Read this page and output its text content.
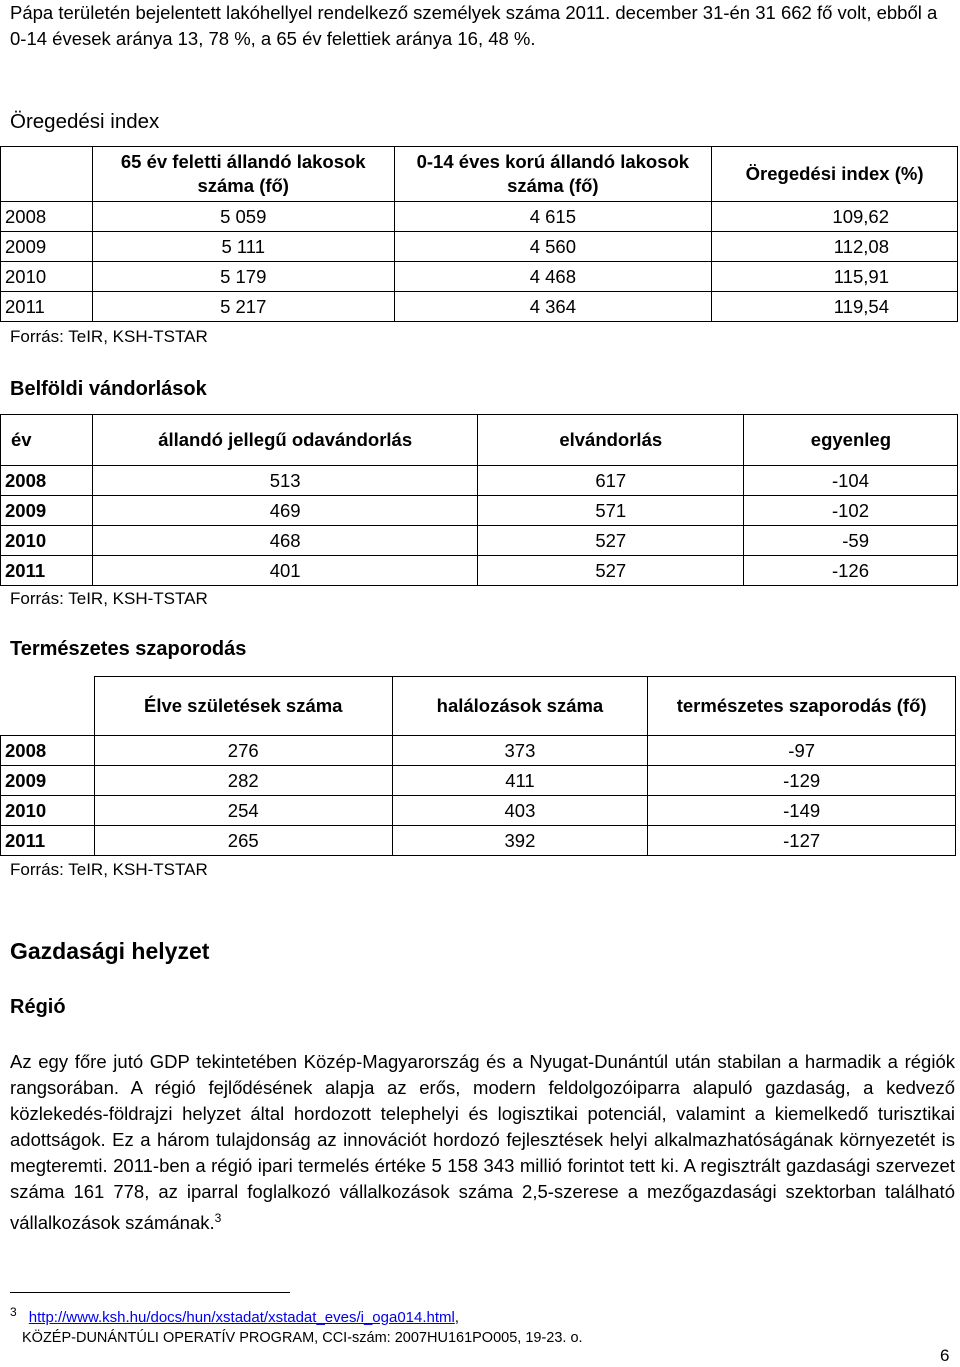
Pápa területén bejelentett lakóhellyel rendelkező személyek száma 2011. december 31-én 31 662 fő volt, ebből a 0-14 évesek aránya 13, 78 %, a 65 év felettiek aránya 16, 48 %.
Öregedési index
	65 év feletti állandó lakosok száma (fő)	0-14 éves korú állandó lakosok száma (fő)	Öregedési index (%)
2008	5 059	4 615	109,62
2009	5 111	4 560	112,08
2010	5 179	4 468	115,91
2011	5 217	4 364	119,54
Forrás: TeIR, KSH-TSTAR
Belföldi vándorlások
év	állandó jellegű odavándorlás	elvándorlás	egyenleg
2008	513	617	-104
2009	469	571	-102
2010	468	527	-59
2011	401	527	-126
Forrás: TeIR, KSH-TSTAR
Természetes szaporodás
	Élve születések száma	halálozások száma	természetes szaporodás (fő)
2008	276	373	-97
2009	282	411	-129
2010	254	403	-149
2011	265	392	-127
Forrás: TeIR, KSH-TSTAR
Gazdasági helyzet
Régió
Az egy főre jutó GDP tekintetében Közép-Magyarország és a Nyugat-Dunántúl után stabilan a harmadik a régiók rangsorában. A régió fejlődésének alapja az erős, modern feldolgozóiparra alapuló gazdaság, a kedvező közlekedés-földrajzi helyzet által hordozott telephelyi és logisztikai potenciál, valamint a kiemelkedő turisztikai adottságok. Ez a három tulajdonság az innovációt hordozó fejlesztések helyi alkalmazhatóságának környezetét is megteremti. 2011-ben a régió ipari termelés értéke 5 158 343 millió forintot tett ki. A regisztrált gazdasági szervezet száma 161 778, az iparral foglalkozó vállalkozások száma 2,5-szerese a mezőgazdasági szektorban található vállalkozások számának.$^3$
$^3$ http://www.ksh.hu/docs/hun/xstadat/xstadat_eves/i_oga014.html,
KÖZÉP-DUNÁNTÚLI OPERATÍV PROGRAM, CCI-szám: 2007HU161PO005, 19-23. o.
6
